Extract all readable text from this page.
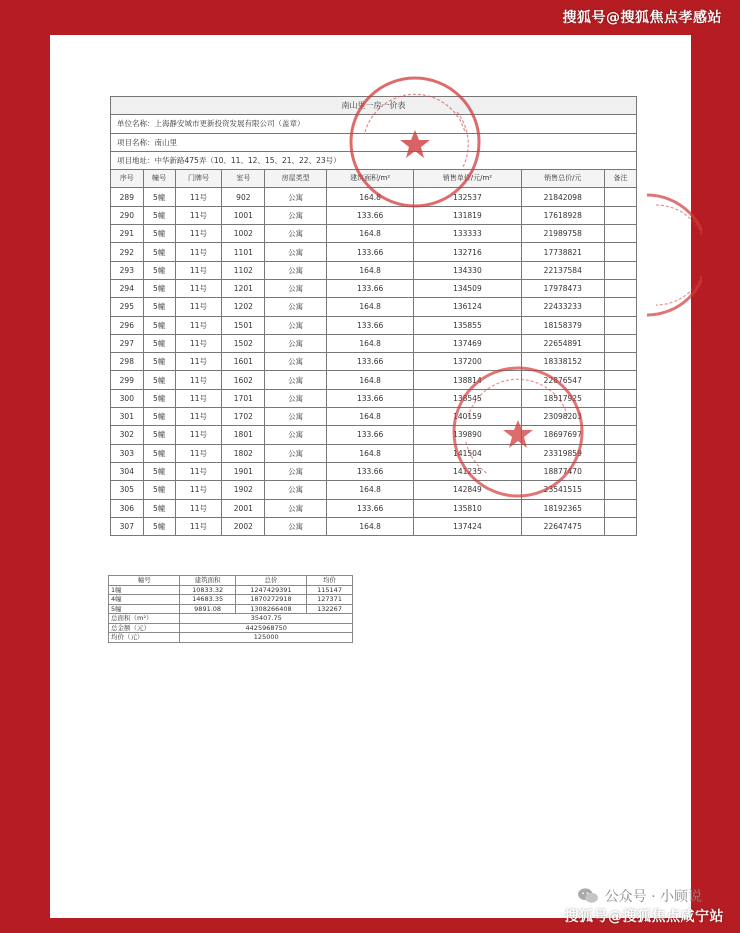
搜狐号@搜狐焦点孝感站
南山里一房一价表								
单位名称：上海静安城市更新投资发展有限公司（盖章）								
项目名称：南山里								
项目地址：中华新路475弄（10、11、12、15、21、22、23号）								
序号	幢号	门牌号	室号	房屋类型	建筑面积/m²	销售单价/元/m²	销售总价/元	备注
289	5幢	11号	902	公寓	164.8	132537	21842098	
290	5幢	11号	1001	公寓	133.66	131819	17618928	
291	5幢	11号	1002	公寓	164.8	133333	21989758	
292	5幢	11号	1101	公寓	133.66	132716	17738821	
293	5幢	11号	1102	公寓	164.8	134330	22137584	
294	5幢	11号	1201	公寓	133.66	134509	17978473	
295	5幢	11号	1202	公寓	164.8	136124	22433233	
296	5幢	11号	1501	公寓	133.66	135855	18158379	
297	5幢	11号	1502	公寓	164.8	137469	22654891	
298	5幢	11号	1601	公寓	133.66	137200	18338152	
299	5幢	11号	1602	公寓	164.8	138814	22876547	
300	5幢	11号	1701	公寓	133.66	138545	18517925	
301	5幢	11号	1702	公寓	164.8	140159	23098203	
302	5幢	11号	1801	公寓	133.66	139890	18697697	
303	5幢	11号	1802	公寓	164.8	141504	23319859	
304	5幢	11号	1901	公寓	133.66	141235	18877470	
305	5幢	11号	1902	公寓	164.8	142849	23541515	
306	5幢	11号	2001	公寓	133.66	135810	18192365	
307	5幢	11号	2002	公寓	164.8	137424	22647475	
幢号	建筑面积	总价	均价
1幢	10833.32	1247429391	115147
4幢	14683.35	1870272918	127371
5幢	9891.08	1308266408	132267
总面积（m²）	35407.75		
总金额（元）	4425968750		
均价（元）	125000		
公众号 · 小顾说
搜狐号@搜狐焦点咸宁站
